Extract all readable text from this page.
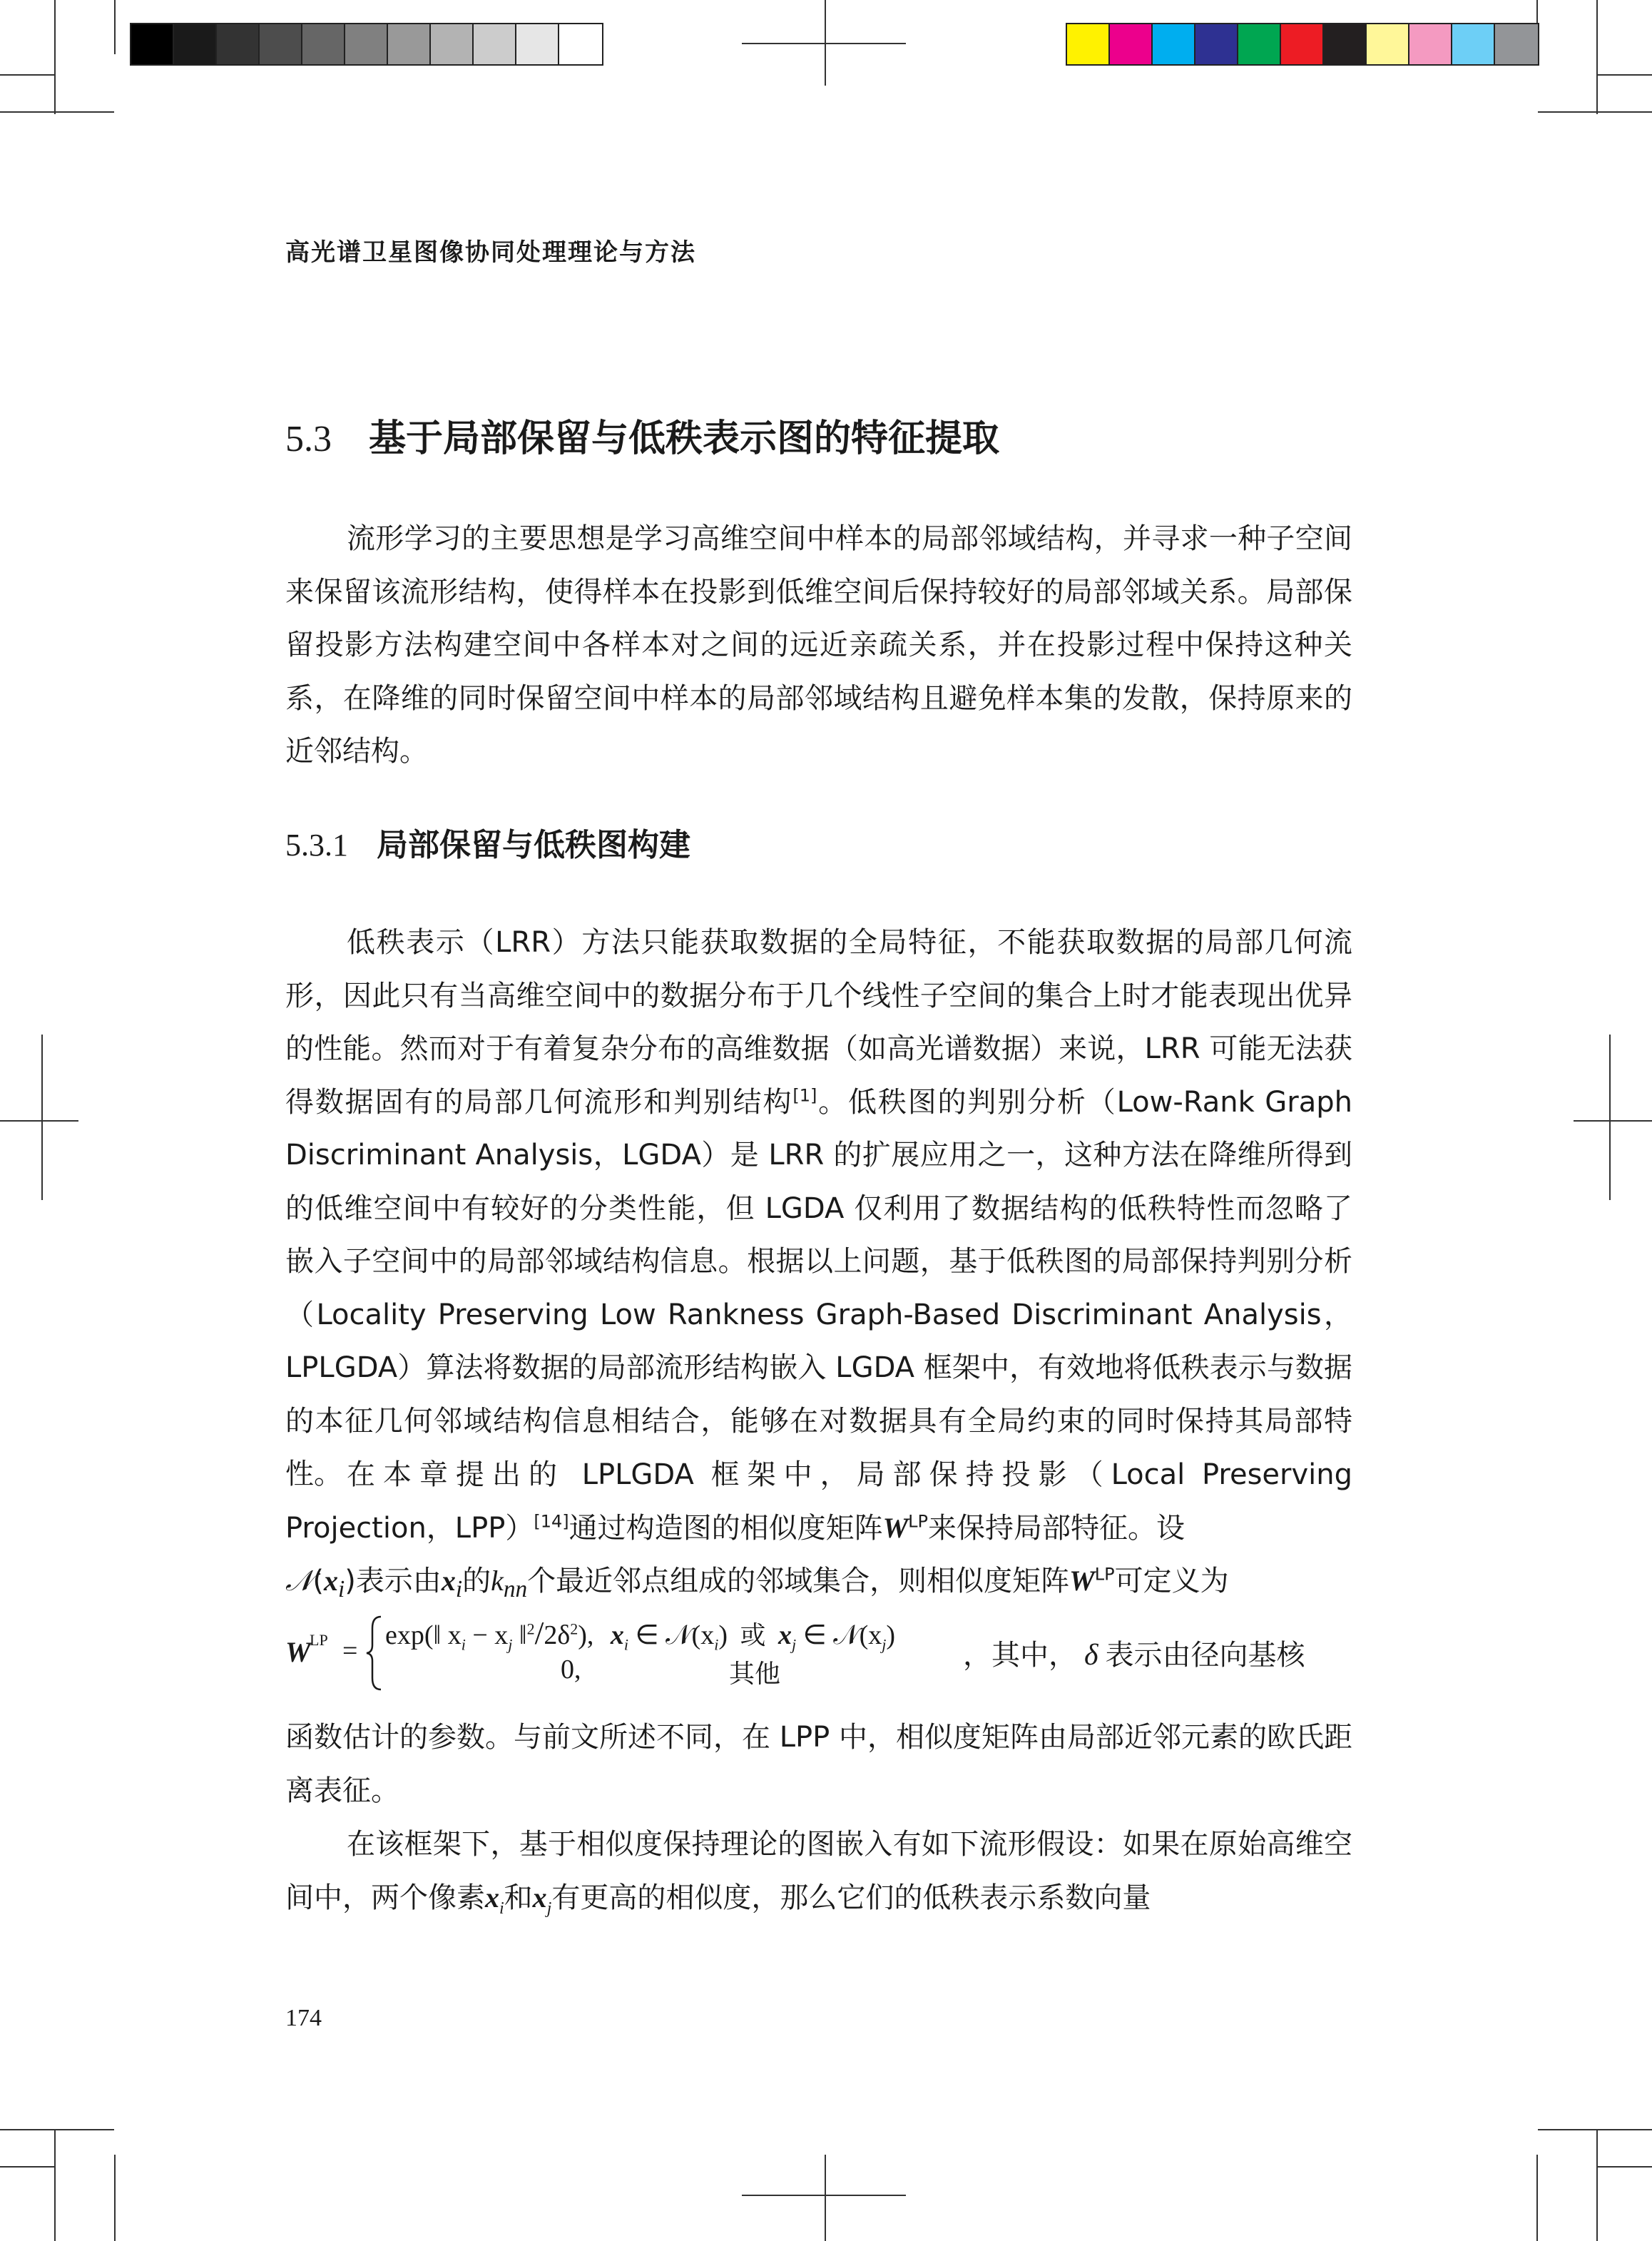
高光谱卫星图像协同处理理论与方法
5.3 基于局部保留与低秩表示图的特征提取

流形学习的主要思想是学习高维空间中样本的局部邻域结构，并寻求一种子空间来保留该流形结构，使得样本在投影到低维空间后保持较好的局部邻域关系。局部保留投影方法构建空间中各样本对之间的远近亲疏关系，并在投影过程中保持这种关系，在降维的同时保留空间中样本的局部邻域结构且避免样本集的发散，保持原来的近邻结构。

5.3.1 局部保留与低秩图构建

低秩表示（LRR）方法只能获取数据的全局特征，不能获取数据的局部几何流形，因此只有当高维空间中的数据分布于几个线性子空间的集合上时才能表现出优异的性能。然而对于有着复杂分布的高维数据（如高光谱数据）来说，LRR 可能无法获得数据固有的局部几何流形和判别结构[1]。低秩图的判别分析（Low-Rank Graph Discriminant Analysis，LGDA）是 LRR 的扩展应用之一，这种方法在降维所得到的低维空间中有较好的分类性能，但 LGDA 仅利用了数据结构的低秩特性而忽略了嵌入子空间中的局部邻域结构信息。根据以上问题，基于低秩图的局部保持判别分析（Locality Preserving Low Rankness Graph-Based Discriminant Analysis，LPLGDA）算法将数据的局部流形结构嵌入 LGDA 框架中，有效地将低秩表示与数据的本征几何邻域结构信息相结合，能够在对数据具有全局约束的同时保持其局部特性。 在本章提出的 LPLGDA 框架中，局部保持投影（Local Preserving Projection，LPP）[14]通过构造图的相似度矩阵$W^{LP}$来保持局部特征。设
$𝒩(x_i)$表示由$x_i$的$k_{nn}$个最近邻点组成的邻域集合，则相似度矩阵$W^{LP}$可定义为

W
LP =
exp(‖ $x_i - x_j$ $‖^2/2\delta^2$), $x_i$ ∈ $𝒩(x_i)$ 或 $x_j$ ∈ $𝒩(x_j)$
0,	其他
，其中， δ 表示由径向基核

函数估计的参数。与前文所述不同，在 LPP 中，相似度矩阵由局部近邻元素的欧氏距离表征。

在该框架下，基于相似度保持理论的图嵌入有如下流形假设：如果在原始高维空间中，两个像素$x_i$和$x_j$有更高的相似度，那么它们的低秩表示系数向量

174
